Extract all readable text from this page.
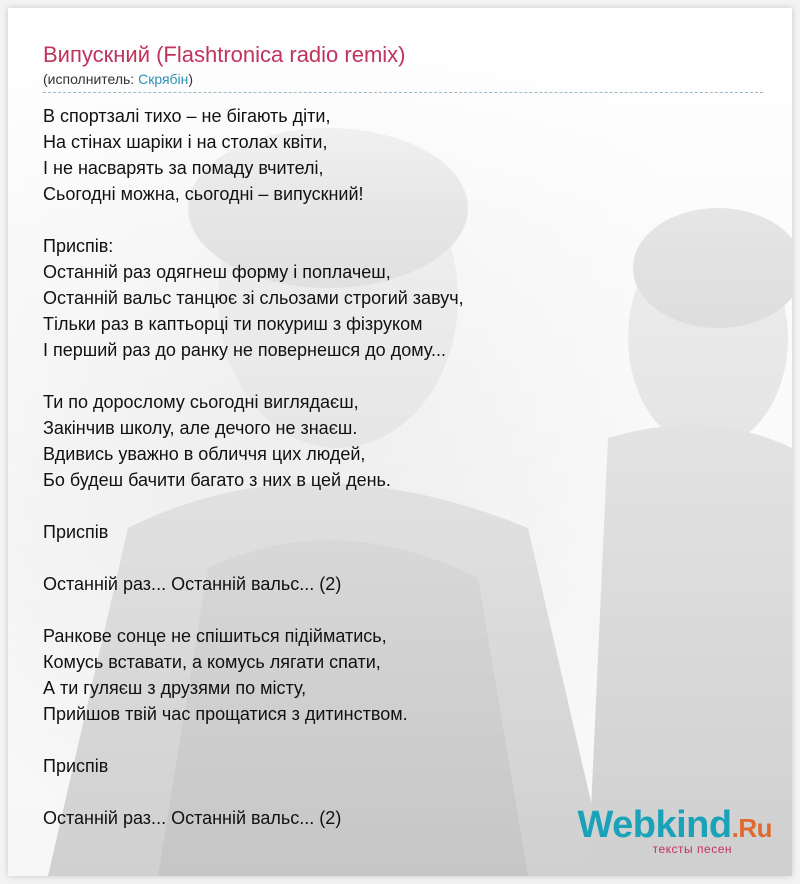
Випускний (Flashtronica radio remix)
(исполнитель: Скрябін)
В спортзалі тихо – не бігають діти,
На стінах шаріки і на столах квіти,
І не насварять за помаду вчителі,
Сьогодні можна, сьогодні – випускний!
Приспів:
Останній раз одягнеш форму і поплачеш,
Останній вальс танцює зі сльозами строгий завуч,
Тільки раз в каптьорці ти покуриш з фізруком
І перший раз до ранку не повернешся до дому...
Ти по дорослому сьогодні виглядаєш,
Закінчив школу, але дечого не знаєш.
Вдивись уважно в обличчя цих людей,
Бо будеш бачити багато з них в цей день.
Приспів
Останній раз... Останній вальс... (2)
Ранкове сонце не спішиться підійматись,
Комусь вставати, а комусь лягати спати,
А ти гуляєш з друзями по місту,
Прийшов твій час прощатися з дитинством.
Приспів
Останній раз... Останній вальс... (2)	Webkind.Ru
тексты песен
